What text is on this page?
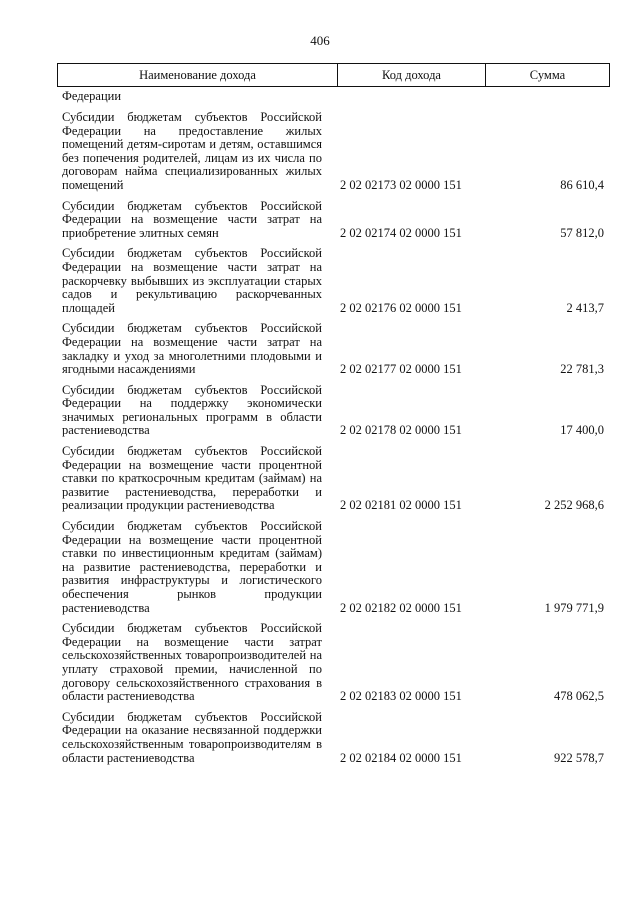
406
Наименование дохода	Код дохода	Сумма
Федерации
Субсидии бюджетам субъектов Российской Федерации на предоставление жилых помещений детям-сиротам и детям, оставшимся без попечения родителей, лицам из их числа по договорам найма специализированных жилых помещений	2 02 02173 02 0000 151	86 610,4
Субсидии бюджетам субъектов Российской Федерации на возмещение части затрат на приобретение элитных семян	2 02 02174 02 0000 151	57 812,0
Субсидии бюджетам субъектов Российской Федерации на возмещение части затрат на раскорчевку выбывших из эксплуатации старых садов и рекультивацию раскорчеванных площадей	2 02 02176 02 0000 151	2 413,7
Субсидии бюджетам субъектов Российской Федерации на возмещение части затрат на закладку и уход за многолетними плодовыми и ягодными насаждениями	2 02 02177 02 0000 151	22 781,3
Субсидии бюджетам субъектов Российской Федерации на поддержку экономически значимых региональных программ в области растениеводства	2 02 02178 02 0000 151	17 400,0
Субсидии бюджетам субъектов Российской Федерации на возмещение части процентной ставки по краткосрочным кредитам (займам) на развитие растениеводства, переработки и реализации продукции растениеводства	2 02 02181 02 0000 151	2 252 968,6
Субсидии бюджетам субъектов Российской Федерации на возмещение части процентной ставки по инвестиционным кредитам (займам) на развитие растениеводства, переработки и развития инфраструктуры и логистического обеспечения рынков продукции растениеводства	2 02 02182 02 0000 151	1 979 771,9
Субсидии бюджетам субъектов Российской Федерации на возмещение части затрат сельскохозяйственных товаропроизводителей на уплату страховой премии, начисленной по договору сельскохозяйственного страхования в области растениеводства	2 02 02183 02 0000 151	478 062,5
Субсидии бюджетам субъектов Российской Федерации на оказание несвязанной поддержки сельскохозяйственным товаропроизводителям в области растениеводства	2 02 02184 02 0000 151	922 578,7
